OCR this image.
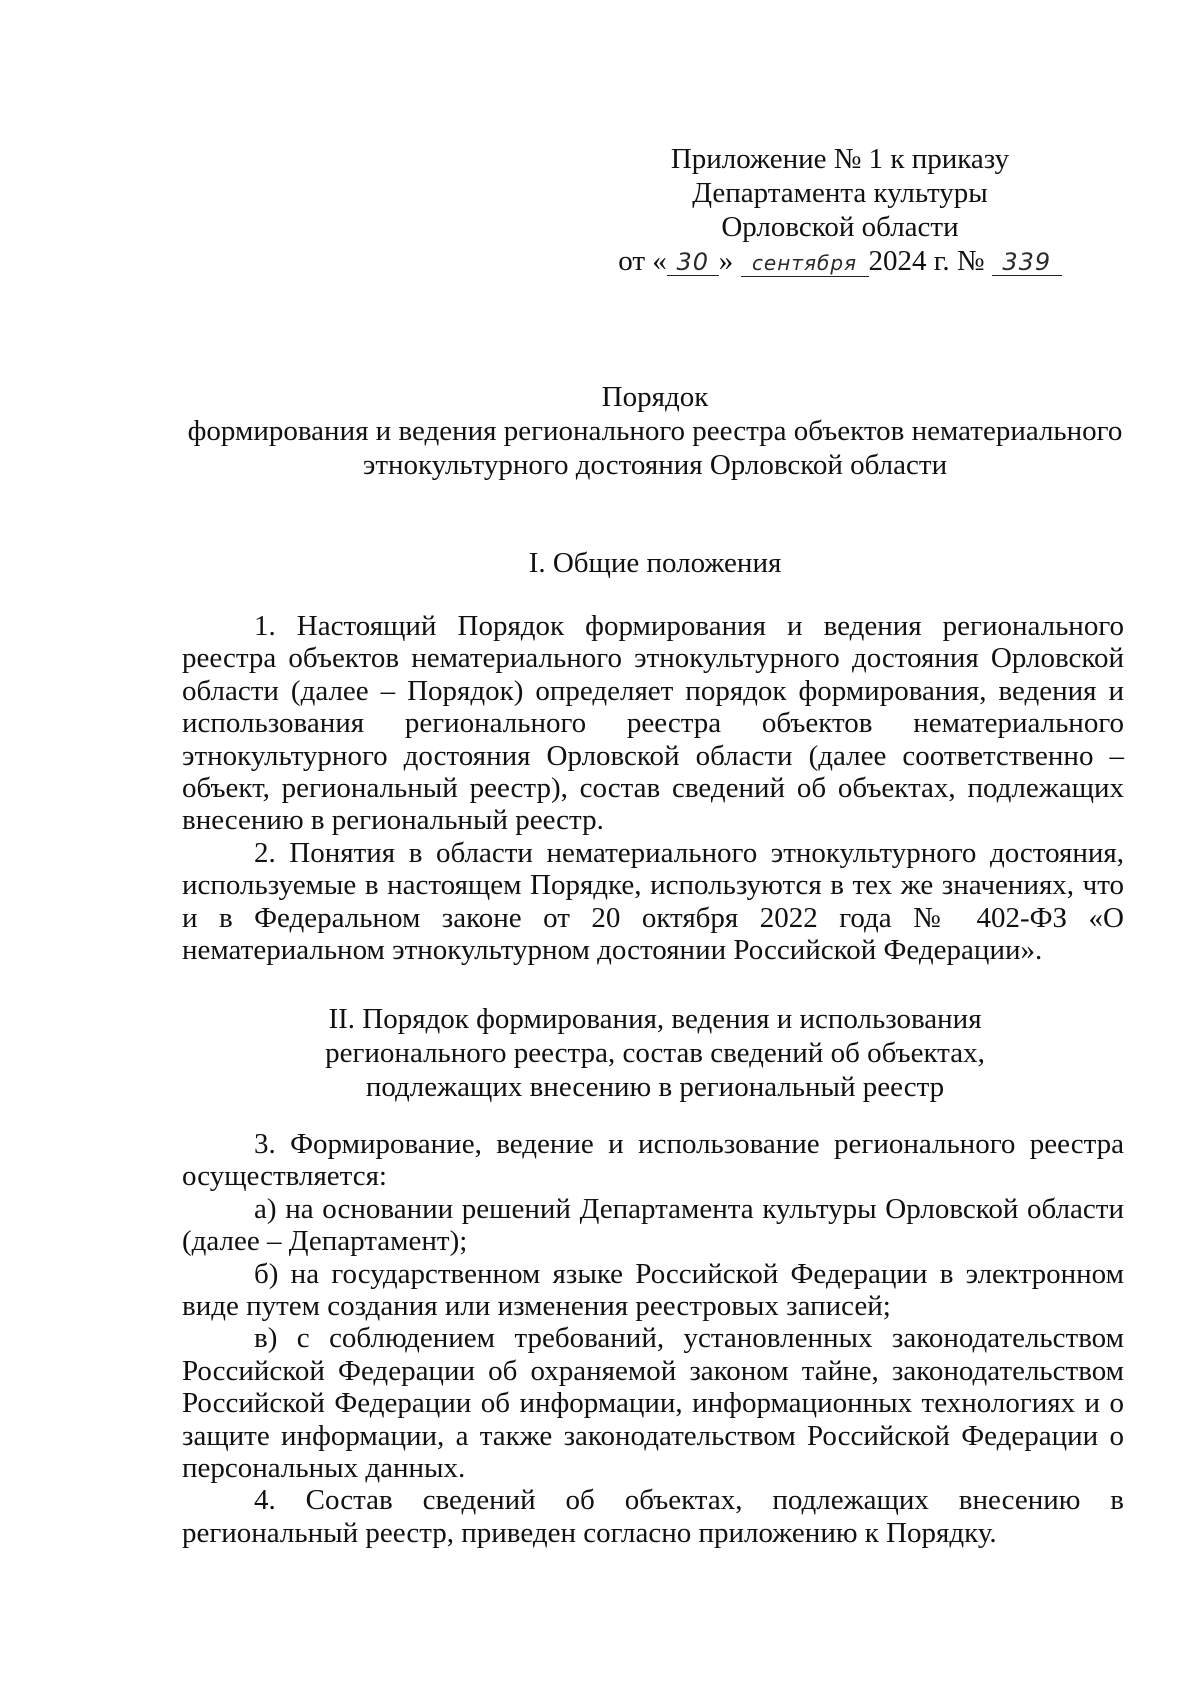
Приложение № 1 к приказу
Департамента культуры
Орловской области
от « 30 » сентября 2024 г. № 339
Порядок
формирования и ведения регионального реестра объектов нематериального
этнокультурного достояния Орловской области
I. Общие положения

1. Настоящий Порядок формирования и ведения регионального реестра объектов нематериального этнокультурного достояния Орловской области (далее – Порядок) определяет порядок формирования, ведения и использования регионального реестра объектов нематериального этнокультурного достояния Орловской области (далее соответственно – объект, региональный реестр), состав сведений об объектах, подлежащих внесению в региональный реестр.

2. Понятия в области нематериального этнокультурного достояния, используемые в настоящем Порядке, используются в тех же значениях, что и в Федеральном законе от 20 октября 2022 года № 402-ФЗ «О нематериальном этнокультурном достоянии Российской Федерации».

II. Порядок формирования, ведения и использования
регионального реестра, состав сведений об объектах,
подлежащих внесению в региональный реестр

3. Формирование, ведение и использование регионального реестра осуществляется:

а) на основании решений Департамента культуры Орловской области (далее – Департамент);

б) на государственном языке Российской Федерации в электронном виде путем создания или изменения реестровых записей;

в) с соблюдением требований, установленных законодательством Российской Федерации об охраняемой законом тайне, законодательством Российской Федерации об информации, информационных технологиях и о защите информации, а также законодательством Российской Федерации о персональных данных.

4. Состав сведений об объектах, подлежащих внесению в региональный реестр, приведен согласно приложению к Порядку.
